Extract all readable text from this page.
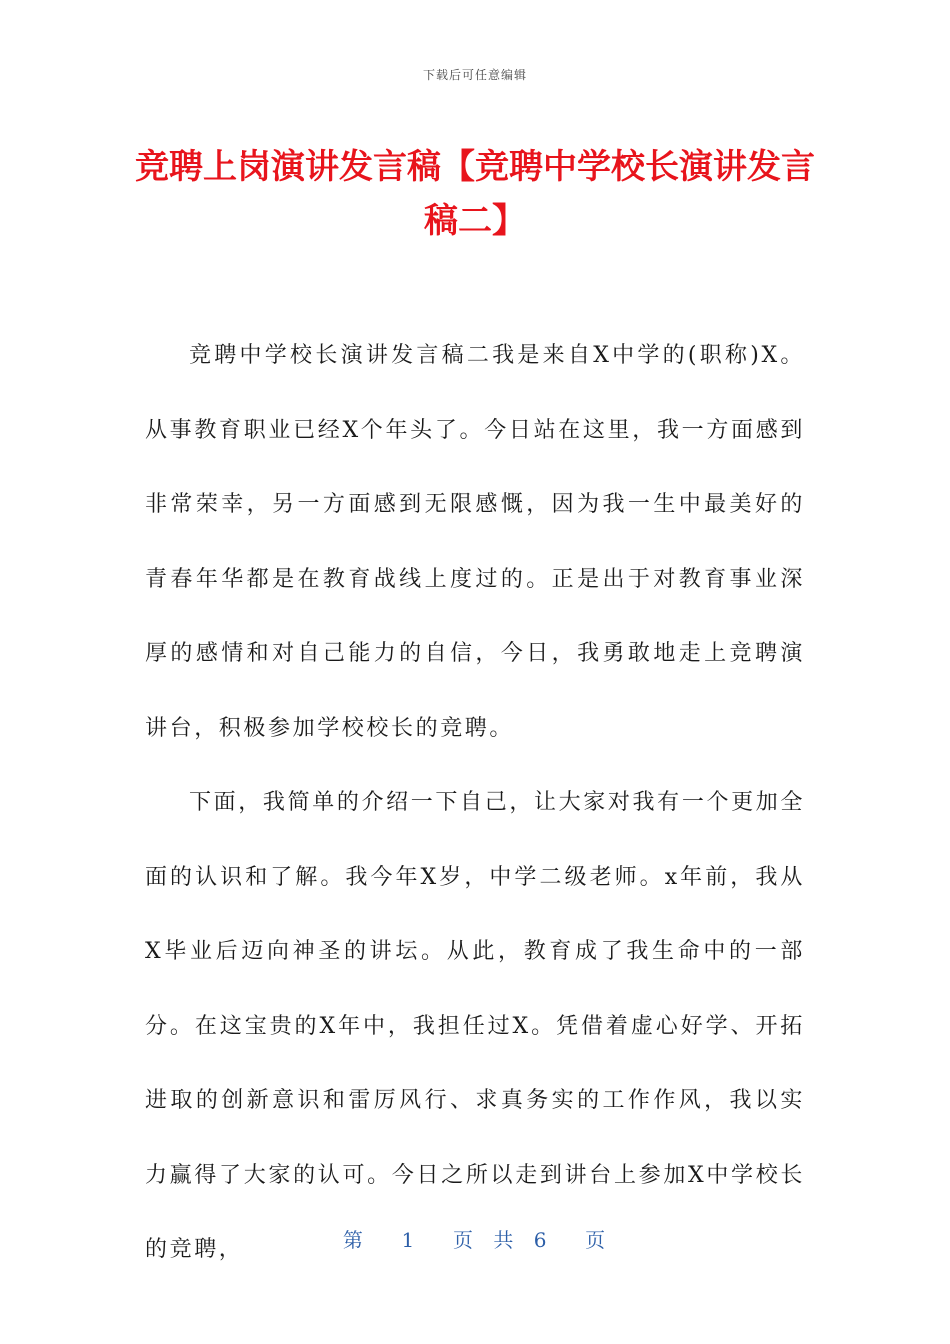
下载后可任意编辑
竞聘上岗演讲发言稿【竞聘中学校长演讲发言稿二】

竞聘中学校长演讲发言稿二我是来自X中学的(职称)X。从事教育职业已经X个年头了。今日站在这里，我一方面感到非常荣幸，另一方面感到无限感慨，因为我一生中最美好的青春年华都是在教育战线上度过的。正是出于对教育事业深厚的感情和对自己能力的自信，今日，我勇敢地走上竞聘演讲台，积极参加学校校长的竞聘。

下面，我简单的介绍一下自己，让大家对我有一个更加全面的认识和了解。我今年X岁，中学二级老师。x年前，我从X毕业后迈向神圣的讲坛。从此，教育成了我生命中的一部分。在这宝贵的X年中，我担任过X。凭借着虚心好学、开拓进取的创新意识和雷厉风行、求真务实的工作作风，我以实力赢得了大家的认可。今日之所以走到讲台上参加X中学校长的竞聘，	第  1  页 共 6  页
